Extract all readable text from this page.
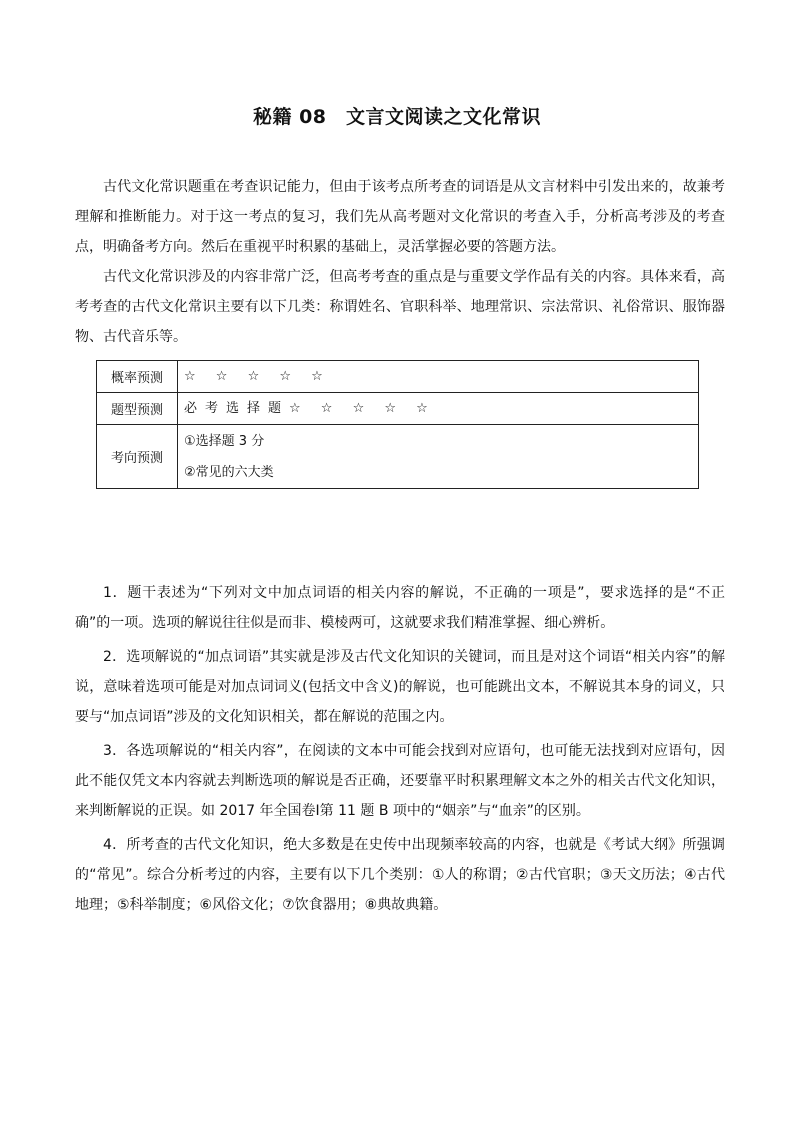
秘籍 08　文言文阅读之文化常识

古代文化常识题重在考查识记能力，但由于该考点所考查的词语是从文言材料中引发出来的，故兼考理解和推断能力。对于这一考点的复习，我们先从高考题对文化常识的考查入手，分析高考涉及的考查点，明确备考方向。然后在重视平时积累的基础上，灵活掌握必要的答题方法。

古代文化常识涉及的内容非常广泛，但高考考查的重点是与重要文学作品有关的内容。具体来看，高考考查的古代文化常识主要有以下几类：称谓姓名、官职科举、地理常识、宗法常识、礼俗常识、服饰器物、古代音乐等。

概率预测	☆ ☆ ☆ ☆ ☆

题型预测	必考选择题☆ ☆ ☆ ☆ ☆

考向预测	①选择题 3 分
②常见的六大类

1．题干表述为“下列对文中加点词语的相关内容的解说，不正确的一项是”，要求选择的是“不正确”的一项。选项的解说往往似是而非、模棱两可，这就要求我们精准掌握、细心辨析。

2．选项解说的“加点词语”其实就是涉及古代文化知识的关键词，而且是对这个词语“相关内容”的解说，意味着选项可能是对加点词词义(包括文中含义)的解说，也可能跳出文本，不解说其本身的词义，只要与“加点词语”涉及的文化知识相关，都在解说的范围之内。

3．各选项解说的“相关内容”，在阅读的文本中可能会找到对应语句，也可能无法找到对应语句，因此不能仅凭文本内容就去判断选项的解说是否正确，还要靠平时积累理解文本之外的相关古代文化知识，来判断解说的正误。如 2017 年全国卷Ⅰ第 11 题 B 项中的“姻亲”与“血亲”的区别。

4．所考查的古代文化知识，绝大多数是在史传中出现频率较高的内容，也就是《考试大纲》所强调的“常见”。综合分析考过的内容，主要有以下几个类别：①人的称谓；②古代官职；③天文历法；④古代地理；⑤科举制度；⑥风俗文化；⑦饮食器用；⑧典故典籍。
